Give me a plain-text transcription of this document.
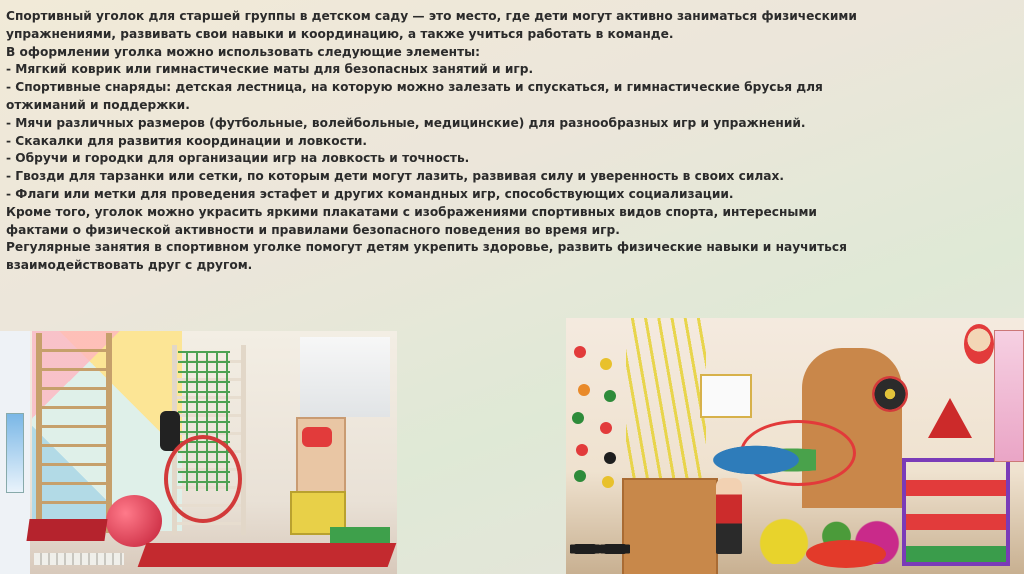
Спортивный уголок для старшей группы в детском саду — это место, где дети могут активно заниматься физическими

упражнениями, развивать свои навыки и координацию, а также учиться работать в команде.

В оформлении уголка можно использовать следующие элементы:

- Мягкий коврик или гимнастические маты для безопасных занятий и игр.

- Спортивные снаряды: детская лестница, на которую можно залезать и спускаться, и гимнастические брусья для

отжиманий и поддержки.

- Мячи различных размеров (футбольные, волейбольные, медицинские) для разнообразных игр и упражнений.

- Скакалки для развития координации и ловкости.

- Обручи и городки для организации игр на ловкость и точность.

- Гвозди для тарзанки или сетки, по которым дети могут лазить, развивая силу и уверенность в своих силах.

- Флаги или метки для проведения эстафет и других командных игр, способствующих социализации.

Кроме того, уголок можно украсить яркими плакатами с изображениями спортивных видов спорта, интересными

фактами о физической активности и правилами безопасного поведения во время игр.

Регулярные занятия в спортивном уголке помогут детям укрепить здоровье, развить физические навыки и научиться

взаимодействовать друг с другом.
